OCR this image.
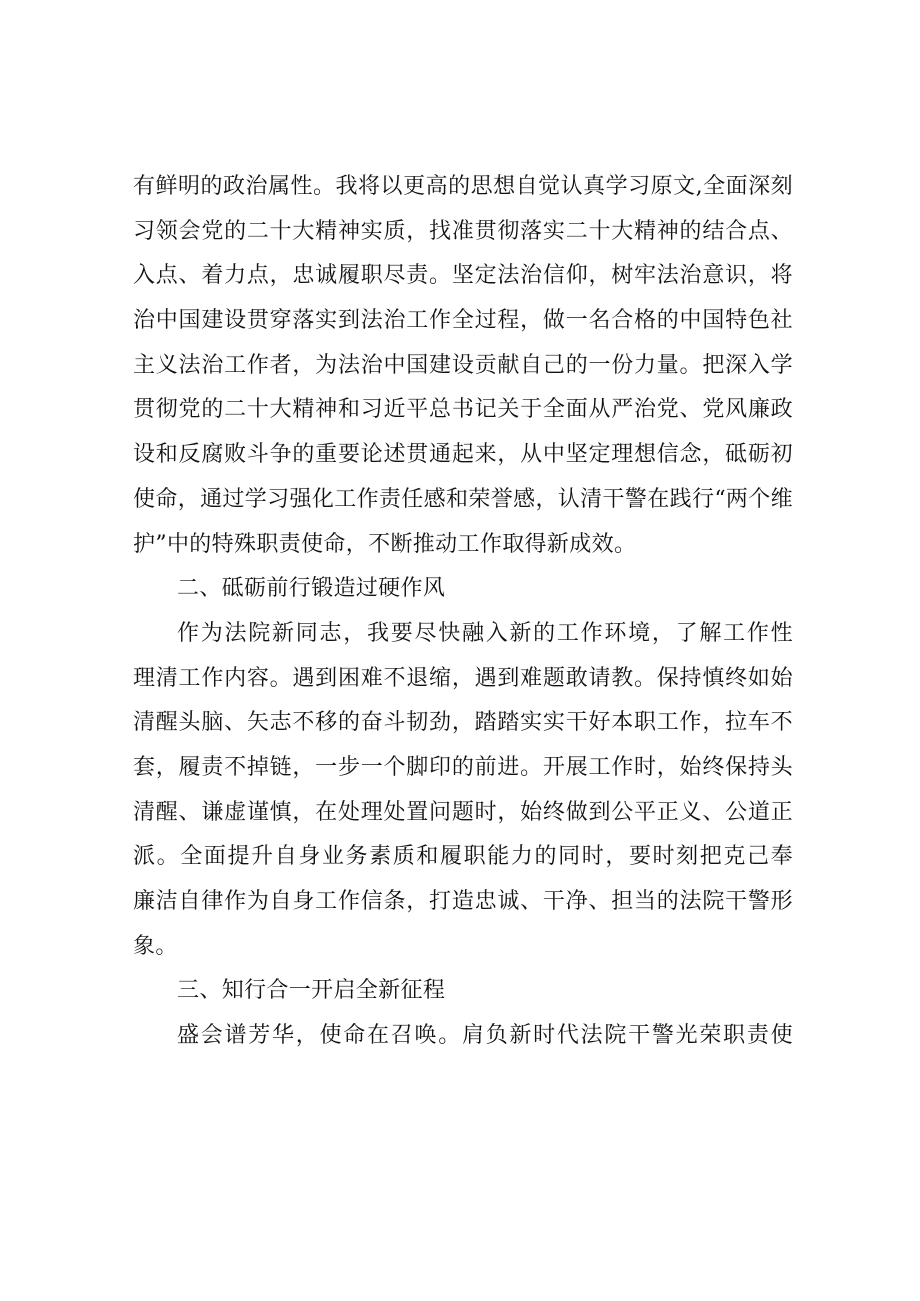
有鲜明的政治属性。我将以更高的思想自觉认真学习原文,全面深刻
习领会党的二十大精神实质，找准贯彻落实二十大精神的结合点、
入点、着力点，忠诚履职尽责。坚定法治信仰，树牢法治意识，将
治中国建设贯穿落实到法治工作全过程，做一名合格的中国特色社
主义法治工作者，为法治中国建设贡献自己的一份力量。把深入学
贯彻党的二十大精神和习近平总书记关于全面从严治党、党风廉政
设和反腐败斗争的重要论述贯通起来，从中坚定理想信念，砥砺初
使命，通过学习强化工作责任感和荣誉感，认清干警在践行“两个维
护”中的特殊职责使命，不断推动工作取得新成效。
二、砥砺前行锻造过硬作风
作为法院新同志，我要尽快融入新的工作环境，了解工作性
理清工作内容。遇到困难不退缩，遇到难题敢请教。保持慎终如始
清醒头脑、矢志不移的奋斗韧劲，踏踏实实干好本职工作，拉车不
套，履责不掉链，一步一个脚印的前进。开展工作时，始终保持头
清醒、谦虚谨慎，在处理处置问题时，始终做到公平正义、公道正
派。全面提升自身业务素质和履职能力的同时，要时刻把克己奉
廉洁自律作为自身工作信条，打造忠诚、干净、担当的法院干警形
象。
三、知行合一开启全新征程
盛会谱芳华，使命在召唤。肩负新时代法院干警光荣职责使
